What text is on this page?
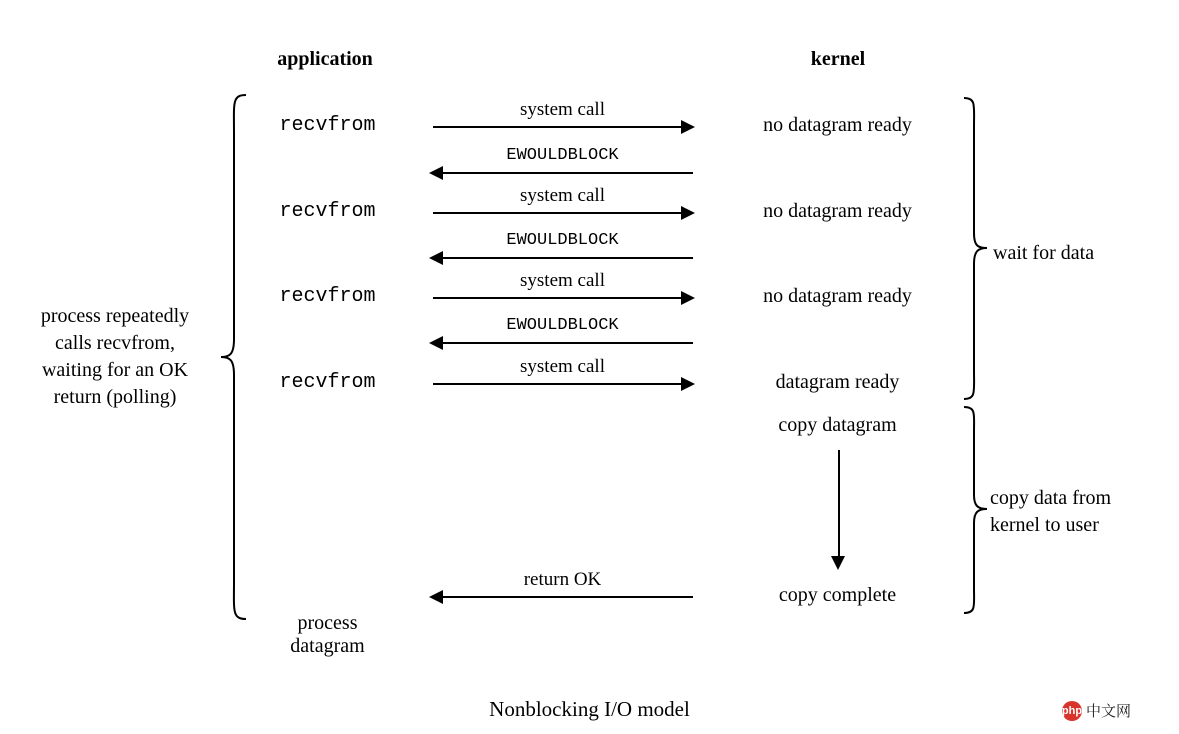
application	kernel
process repeatedly
calls recvfrom,
waiting for an OK
return (polling)
recvfrom
recvfrom
recvfrom
recvfrom
process
datagram
system call
EWOULDBLOCK
system call
EWOULDBLOCK
system call
EWOULDBLOCK
system call
return OK
no datagram ready
no datagram ready
no datagram ready
datagram ready
copy datagram
copy complete
wait for data
copy data from
kernel to user
Nonblocking I/O model	php 中文网
